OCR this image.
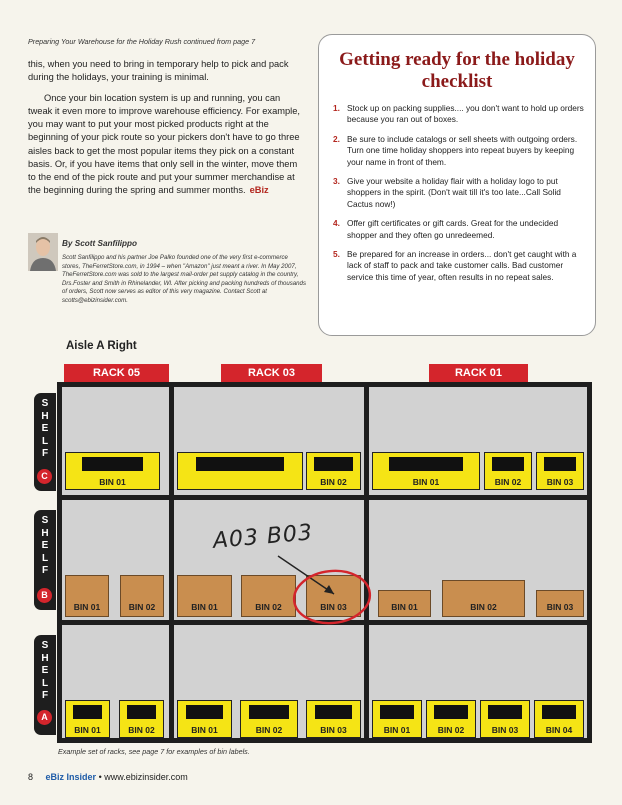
Preparing Your Warehouse for the Holiday Rush continued from page 7

this, when you need to bring in temporary help to pick and pack during the holidays, your training is minimal.

Once your bin location system is up and running, you can tweak it even more to improve warehouse efficiency. For example, you may want to put your most picked products right at the beginning of your pick route so your pickers don't have to go three aisles back to get the most popular items they pick on a constant basis. Or, if you have items that only sell in the winter, move them to the end of the pick route and put your summer merchandise at the beginning during the spring and summer months. eBiz

By Scott Sanfilippo
Scott Sanfilippo and his partner Joe Palko founded one of the very first e-commerce stores, TheFerretStore.com, in 1994 – when "Amazon" just meant a river. In May 2007, TheFerretStore.com was sold to the largest mail-order pet supply catalog in the country, Drs.Foster and Smith in Rhinelander, WI. After picking and packing hundreds of thousands of orders, Scott now serves as editor of this very magazine. Contact Scott at scotts@ebizinsider.com.
Getting ready for the holiday checklist
1. Stock up on packing supplies.... you don't want to hold up orders because you ran out of boxes.
2. Be sure to include catalogs or sell sheets with outgoing orders. Turn one time holiday shoppers into repeat buyers by keeping your name in front of them.
3. Give your website a holiday flair with a holiday logo to put shoppers in the spirit. (Don't wait till it's too late...Call Solid Cactus now!)
4. Offer gift certificates or gift cards. Great for the undecided shopper and they often go unredeemed.
5. Be prepared for an increase in orders... don't get caught with a lack of staff to pack and take customer calls. Bad customer service this time of year, often results in no repeat sales.
Aisle A Right
RACK 05	RACK 03	RACK 01
S
H
E
L
F
C
S
H
E
L
F
B
S
H
E
L
F
A
BIN 01	BIN 02	BIN 01	BIN 02	BIN 03
BIN 01	BIN 02	BIN 01	BIN 02	BIN 03	BIN 01	BIN 02	BIN 03
BIN 01	BIN 02	BIN 01	BIN 02	BIN 03	BIN 01	BIN 02	BIN 03	BIN 04
A03 B03
Example set of racks, see page 7 for examples of bin labels.
8 eBiz Insider • www.ebizinsider.com
